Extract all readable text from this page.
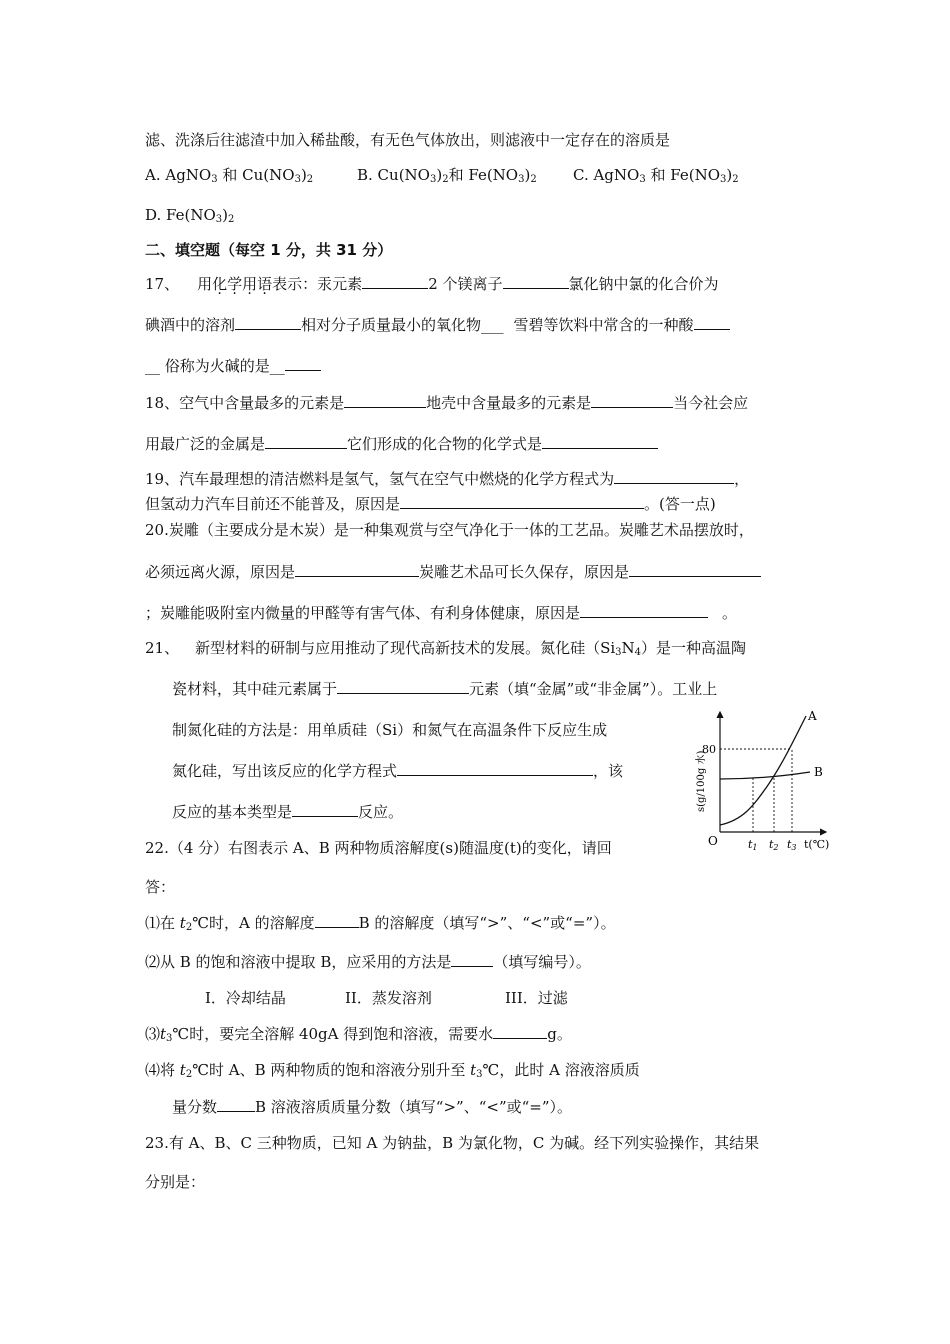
滤、洗涤后往滤渣中加入稀盐酸，有无色气体放出，则滤液中一定存在的溶质是
A. AgNO$_3$ 和 $Cu(NO_3)_2$	B. $Cu(NO_3)_2$和 $Fe(NO_3)_2$ C. AgNO$_3$ 和 $Fe(NO_3)_2$
D. $Fe(NO_3)_2$
二、填空题（每空 1 分，共 31 分）
17、 用化学用语表示：汞元素	2 个镁离子	氯化钠中氯的化合价为
碘酒中的溶剂	相对分子质量最小的氧化物___ 雪碧等饮料中常含的一种酸
__ 俗称为火碱的是__
18、空气中含量最多的元素是	地壳中含量最多的元素是	当今社会应
用最广泛的金属是	它们形成的化合物的化学式是
19、汽车最理想的清洁燃料是氢气，氢气在空气中燃烧的化学方程式为	，
但氢动力汽车目前还不能普及，原因是	。(答一点)
20.炭雕（主要成分是木炭）是一种集观赏与空气净化于一体的工艺品。炭雕艺术品摆放时，
必须远离火源，原因是	炭雕艺术品可长久保存，原因是
；炭雕能吸附室内微量的甲醛等有害气体、有利身体健康，原因是	。
21、 新型材料的研制与应用推动了现代高新技术的发展。氮化硅$(Si_3N_4)$是一种高温陶
瓷材料，其中硅元素属于	元素（填“金属”或“非金属”）。工业上
制氮化硅的方法是：用单质硅（Si）和氮气在高温条件下反应生成
氮化硅，写出该反应的化学方程式	，该
反应的基本类型是	反应。
22.（4 分）右图表示 A、B 两种物质溶解度(s)随温度(t)的变化，请回
答：
⑴在 $t_2℃$时，A 的溶解度	B 的溶解度（填写“>”、“<”或“=”）。
⑵从 B 的饱和溶液中提取 B，应采用的方法是	（填写编号）。
I．冷却结晶	II．蒸发溶剂	III．过滤
$⑶t_3℃$时，要完全溶解 40gA 得到饱和溶液，需要水	g。
⑷将 $t_2℃$时 A、B 两种物质的饱和溶液分别升至 $t_3℃$，此时 A 溶液溶质质
量分数	B 溶液溶质质量分数（填写“>”、“<”或“=”）。
23.有 A、B、C 三种物质，已知 A 为钠盐，B 为氯化物，C 为碱。经下列实验操作，其结果
分别是：
s(g/100g 水)
80
O
A
B
t1 t2 t3 t(℃)
